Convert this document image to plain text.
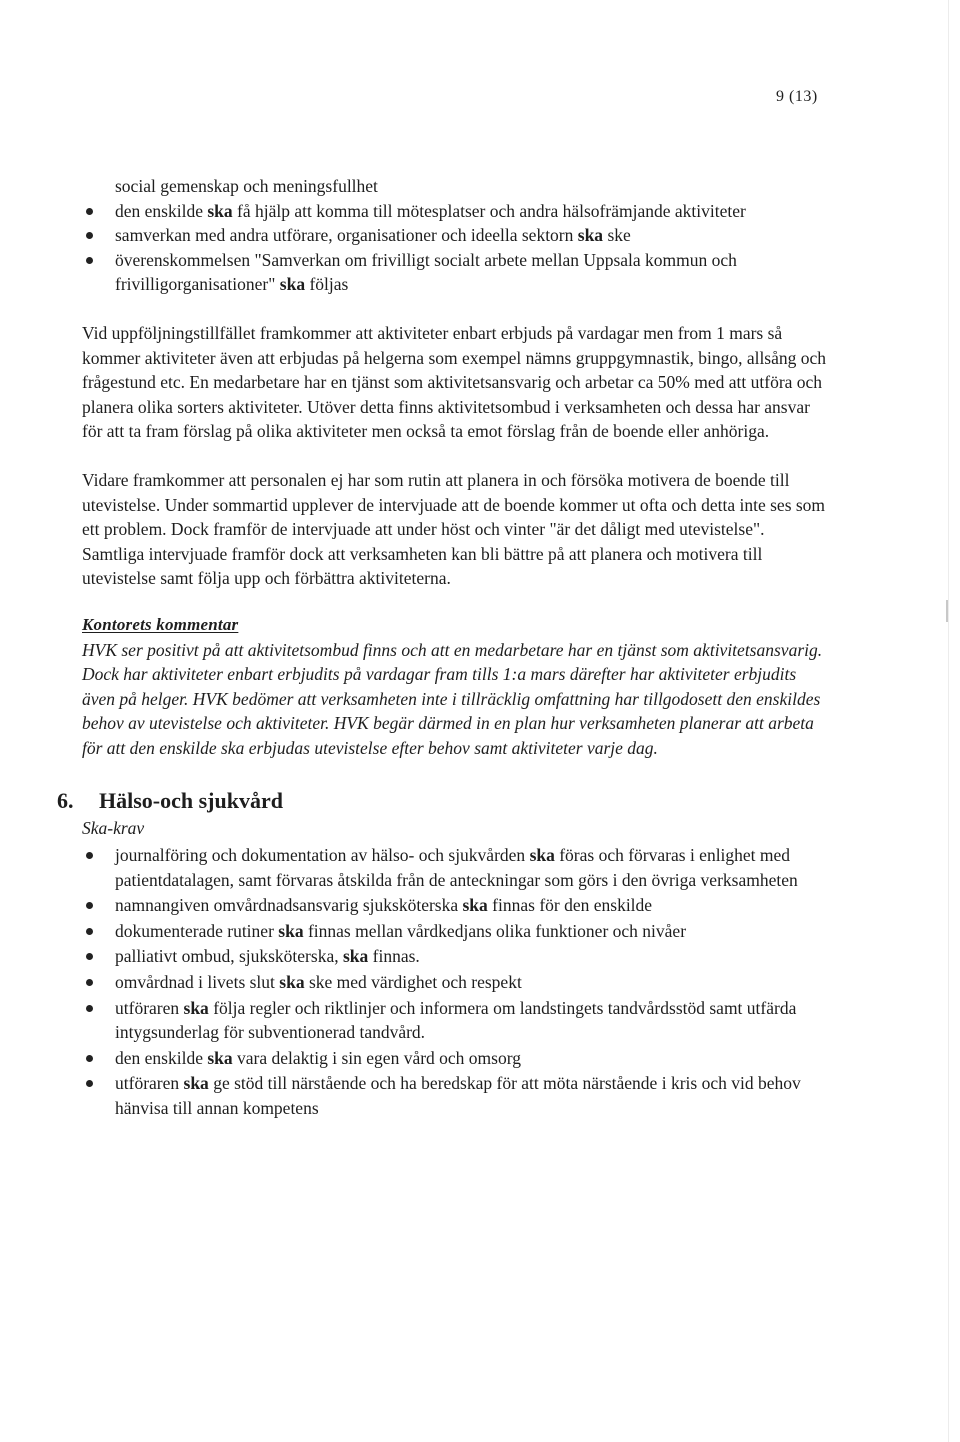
9 (13)
social gemenskap och meningsfullhet
den enskilde ska få hjälp att komma till mötesplatser och andra hälsofrämjande aktiviteter
samverkan med andra utförare, organisationer och ideella sektorn ska ske
överenskommelsen "Samverkan om frivilligt socialt arbete mellan Uppsala kommun och frivilligorganisationer" ska följas

Vid uppföljningstillfället framkommer att aktiviteter enbart erbjuds på vardagar men from 1 mars så kommer aktiviteter även att erbjudas på helgerna som exempel nämns gruppgymnastik, bingo, allsång och frågestund etc. En medarbetare har en tjänst som aktivitetsansvarig och arbetar ca 50% med att utföra och planera olika sorters aktiviteter. Utöver detta finns aktivitetsombud i verksamheten och dessa har ansvar för att ta fram förslag på olika aktiviteter men också ta emot förslag från de boende eller anhöriga.

Vidare framkommer att personalen ej har som rutin att planera in och försöka motivera de boende till utevistelse. Under sommartid upplever de intervjuade att de boende kommer ut ofta och detta inte ses som ett problem. Dock framför de intervjuade att under höst och vinter "är det dåligt med utevistelse". Samtliga intervjuade framför dock att verksamheten kan bli bättre på att planera och motivera till utevistelse samt följa upp och förbättra aktiviteterna.

Kontorets kommentar

HVK ser positivt på att aktivitetsombud finns och att en medarbetare har en tjänst som aktivitetsansvarig. Dock har aktiviteter enbart erbjudits på vardagar fram tills 1:a mars därefter har aktiviteter erbjudits även på helger. HVK bedömer att verksamheten inte i tillräcklig omfattning har tillgodosett den enskildes behov av utevistelse och aktiviteter. HVK begär därmed in en plan hur verksamheten planerar att arbeta för att den enskilde ska erbjudas utevistelse efter behov samt aktiviteter varje dag.

6. Hälso-och sjukvård
Ska-krav
journalföring och dokumentation av hälso- och sjukvården ska föras och förvaras i enlighet med patientdatalagen, samt förvaras åtskilda från de anteckningar som görs i den övriga verksamheten
namnangiven omvårdnadsansvarig sjuksköterska ska finnas för den enskilde
dokumenterade rutiner ska finnas mellan vårdkedjans olika funktioner och nivåer
palliativt ombud, sjuksköterska, ska finnas.
omvårdnad i livets slut ska ske med värdighet och respekt
utföraren ska följa regler och riktlinjer och informera om landstingets tandvårdsstöd samt utfärda intygsunderlag för subventionerad tandvård.
den enskilde ska vara delaktig i sin egen vård och omsorg
utföraren ska ge stöd till närstående och ha beredskap för att möta närstående i kris och vid behov hänvisa till annan kompetens
